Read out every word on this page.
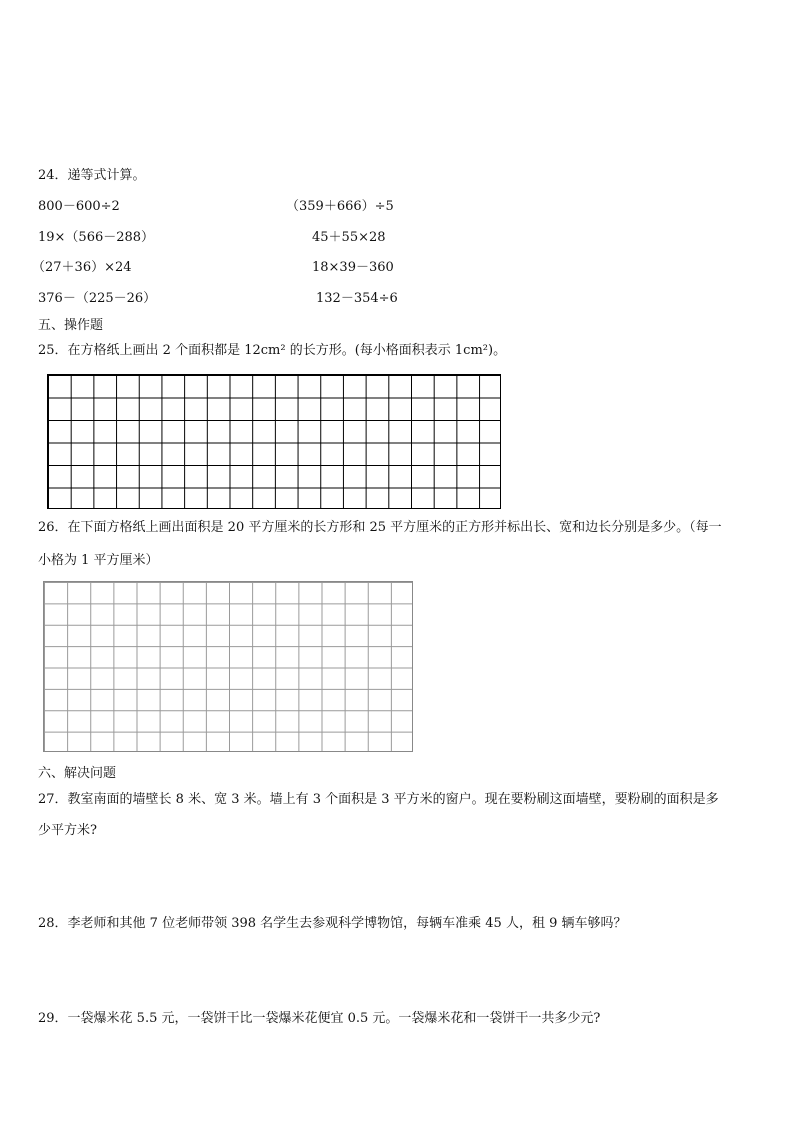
24．递等式计算。
800－600÷2	（359＋666）÷5
19×（566－288）	45＋55×28
（27＋36）×24	18×39－360
376－（225－26）	132－354÷6
五、操作题
25．在方格纸上画出 2 个面积都是 12cm² 的长方形。(每小格面积表示 1cm²)。
26．在下面方格纸上画出面积是 20 平方厘米的长方形和 25 平方厘米的正方形并标出长、宽和边长分别是多少。（每一
小格为 1 平方厘米）
六、解决问题
27．教室南面的墙壁长 8 米、宽 3 米。墙上有 3 个面积是 3 平方米的窗户。现在要粉刷这面墙壁，要粉刷的面积是多
少平方米?
28．李老师和其他 7 位老师带领 398 名学生去参观科学博物馆，每辆车准乘 45 人，租 9 辆车够吗？
29．一袋爆米花 5.5 元，一袋饼干比一袋爆米花便宜 0.5 元。一袋爆米花和一袋饼干一共多少元?
